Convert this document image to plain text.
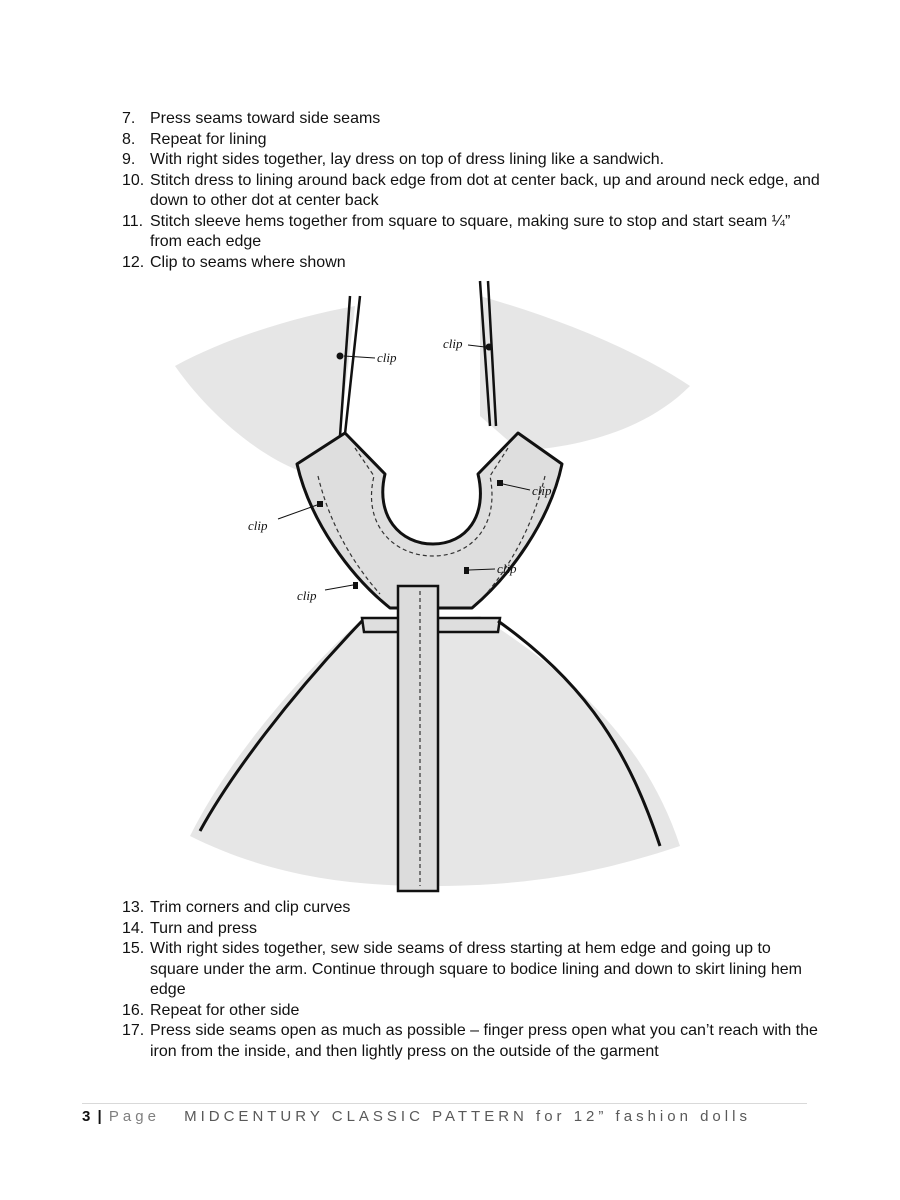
7. Press seams toward side seams
8. Repeat for lining
9. With right sides together, lay dress on top of dress lining like a sandwich.
10. Stitch dress to lining around back edge from dot at center back, up and around neck edge, and down to other dot at center back
11. Stitch sleeve hems together from square to square, making sure to stop and start seam ¼” from each edge
12. Clip to seams where shown
clip
clip
clip
clip
clip
clip
13. Trim corners and clip curves
14. Turn and press
15. With right sides together, sew side seams of dress starting at hem edge and going up to square under the arm. Continue through square to bodice lining and down to skirt lining hem edge
16. Repeat for other side
17. Press side seams open as much as possible – finger press open what you can’t reach with the iron from the inside, and then lightly press on the outside of the garment
3 | Page MIDCENTURY CLASSIC PATTERN for 12” fashion dolls
